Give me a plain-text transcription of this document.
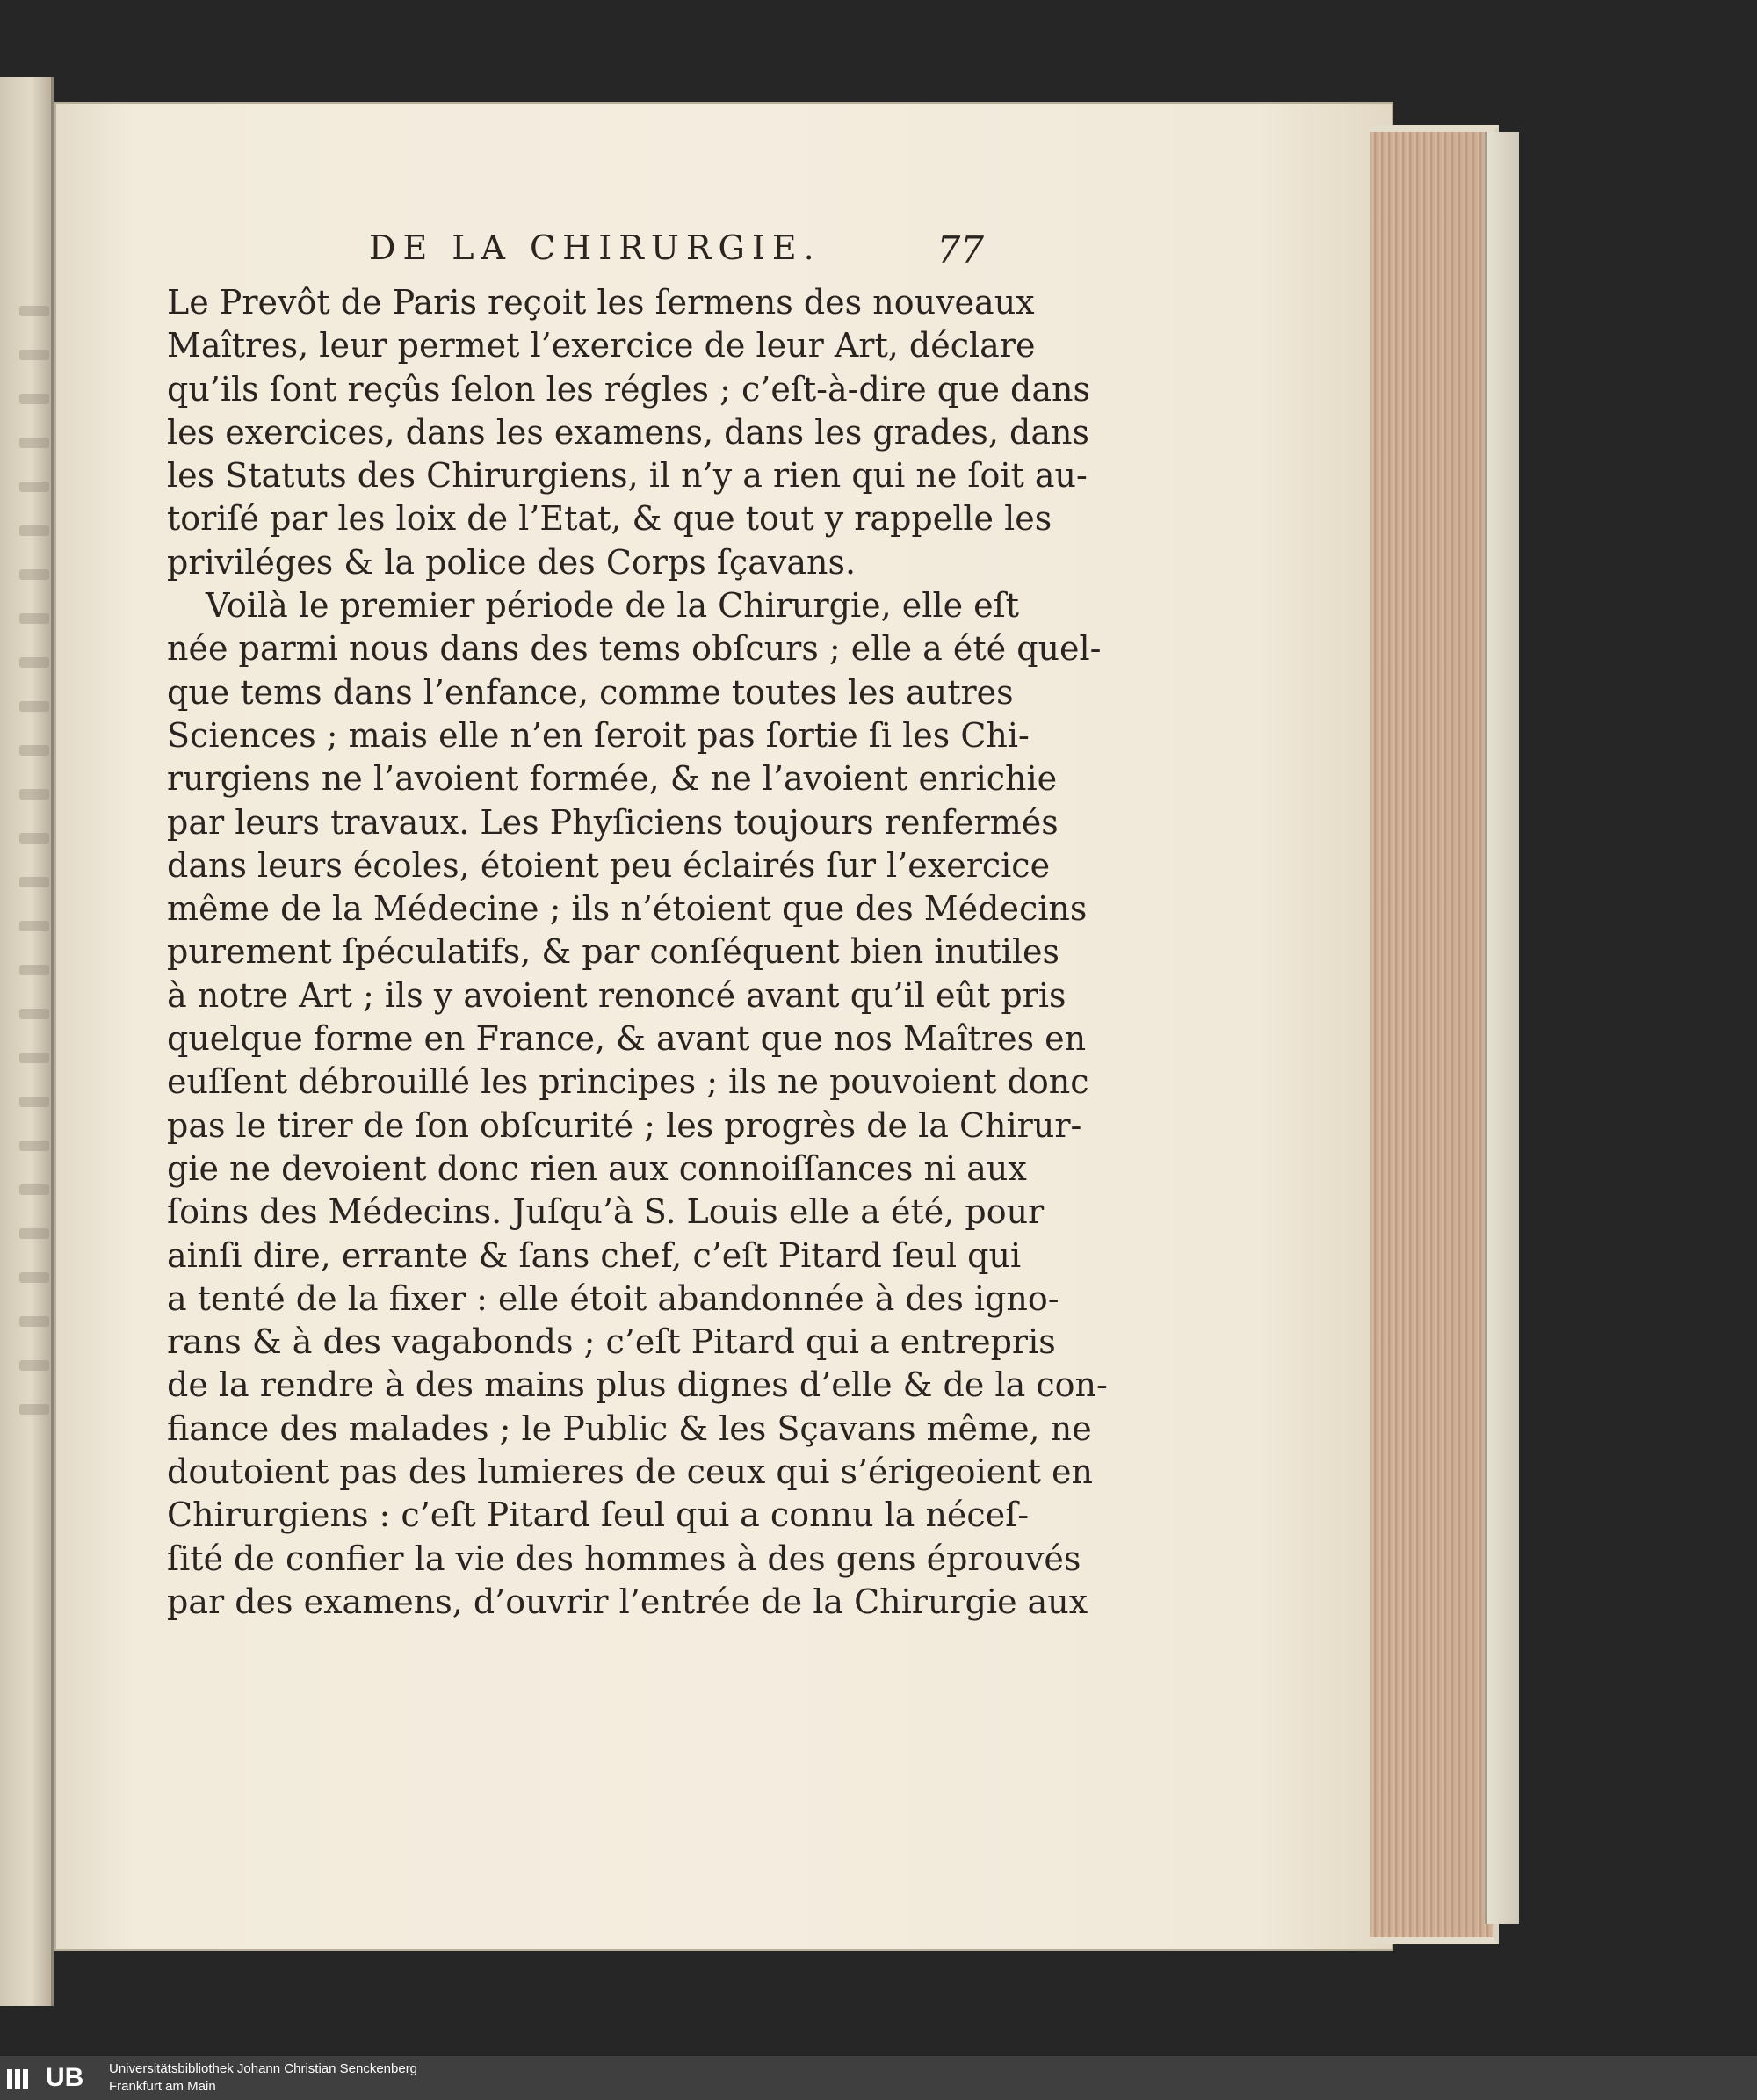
DE LA CHIRURGIE.	77
Le Prevôt de Paris reçoit les ſermens des nouveaux
Maîtres, leur permet l’exercice de leur Art, déclare
qu’ils ſont reçûs ſelon les régles ; c’eſt-à-dire que dans
les exercices, dans les examens, dans les grades, dans
les Statuts des Chirurgiens, il n’y a rien qui ne ſoit au-
toriſé par les loix de l’Etat, & que tout y rappelle les
priviléges & la police des Corps ſçavans.
Voilà le premier période de la Chirurgie, elle eſt
née parmi nous dans des tems obſcurs ; elle a été quel-
que tems dans l’enfance, comme toutes les autres
Sciences ; mais elle n’en ſeroit pas ſortie ſi les Chi-
rurgiens ne l’avoient formée, & ne l’avoient enrichie
par leurs travaux. Les Phyſiciens toujours renfermés
dans leurs écoles, étoient peu éclairés ſur l’exercice
même de la Médecine ; ils n’étoient que des Médecins
purement ſpéculatifs, & par conſéquent bien inutiles
à notre Art ; ils y avoient renoncé avant qu’il eût pris
quelque forme en France, & avant que nos Maîtres en
euſſent débrouillé les principes ; ils ne pouvoient donc
pas le tirer de ſon obſcurité ; les progrès de la Chirur-
gie ne devoient donc rien aux connoiſſances ni aux
ſoins des Médecins. Juſqu’à S. Louis elle a été, pour
ainſi dire, errante & ſans chef, c’eſt Pitard ſeul qui
a tenté de la fixer : elle étoit abandonnée à des igno-
rans & à des vagabonds ; c’eſt Pitard qui a entrepris
de la rendre à des mains plus dignes d’elle & de la con-
fiance des malades ; le Public & les Sçavans même, ne
doutoient pas des lumieres de ceux qui s’érigeoient en
Chirurgiens : c’eſt Pitard ſeul qui a connu la néceſ-
ſité de confier la vie des hommes à des gens éprouvés
par des examens, d’ouvrir l’entrée de la Chirurgie aux
UB	Universitätsbibliothek Johann Christian Senckenberg
Frankfurt am Main
